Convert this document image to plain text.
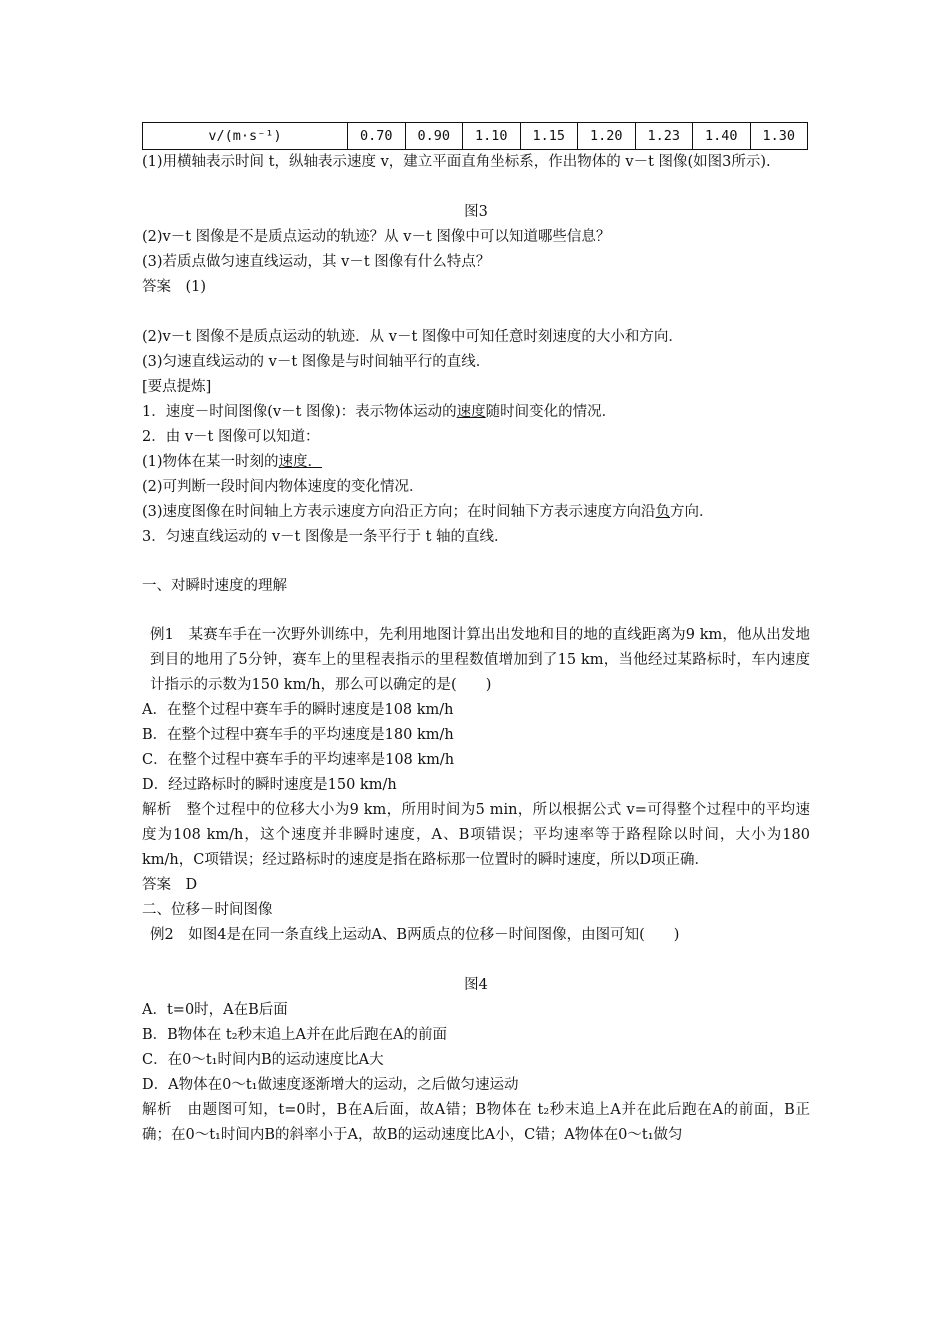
v/(m·s⁻¹)	0.70	0.90	1.10	1.15	1.20	1.23	1.40	1.30
(1)用横轴表示时间 t，纵轴表示速度 v，建立平面直角坐标系，作出物体的 v－t 图像(如图3所示).
图3
(2)v－t 图像是不是质点运动的轨迹？从 v－t 图像中可以知道哪些信息？
(3)若质点做匀速直线运动，其 v－t 图像有什么特点？
答案　(1)
(2)v－t 图像不是质点运动的轨迹．从 v－t 图像中可知任意时刻速度的大小和方向．
(3)匀速直线运动的 v－t 图像是与时间轴平行的直线．
[要点提炼]
1．速度－时间图像(v－t 图像)：表示物体运动的速度随时间变化的情况．
2．由 v－t 图像可以知道：
(1)物体在某一时刻的速度．
(2)可判断一段时间内物体速度的变化情况．
(3)速度图像在时间轴上方表示速度方向沿正方向；在时间轴下方表示速度方向沿负方向．
3．匀速直线运动的 v－t 图像是一条平行于 t 轴的直线．
一、对瞬时速度的理解
例1　某赛车手在一次野外训练中，先利用地图计算出出发地和目的地的直线距离为9 km，他从出发地到目的地用了5分钟，赛车上的里程表指示的里程数值增加到了15 km，当他经过某路标时，车内速度计指示的示数为150 km/h，那么可以确定的是(　　)
A．在整个过程中赛车手的瞬时速度是108 km/h
B．在整个过程中赛车手的平均速度是180 km/h
C．在整个过程中赛车手的平均速率是108 km/h
D．经过路标时的瞬时速度是150 km/h
解析　整个过程中的位移大小为9 km，所用时间为5 min，所以根据公式 v=可得整个过程中的平均速度为108 km/h，这个速度并非瞬时速度，A、B项错误；平均速率等于路程除以时间，大小为180 km/h，C项错误；经过路标时的速度是指在路标那一位置时的瞬时速度，所以D项正确．
答案　D
二、位移－时间图像
例2　如图4是在同一条直线上运动A、B两质点的位移－时间图像，由图可知(　　)
图4
A．t=0时，A在B后面
B．B物体在 t₂秒末追上A并在此后跑在A的前面
C．在0～t₁时间内B的运动速度比A大
D．A物体在0～t₁做速度逐渐增大的运动，之后做匀速运动
解析　由题图可知，t=0时，B在A后面，故A错；B物体在 t₂秒末追上A并在此后跑在A的前面，B正确；在0～t₁时间内B的斜率小于A，故B的运动速度比A小，C错；A物体在0～t₁做匀
